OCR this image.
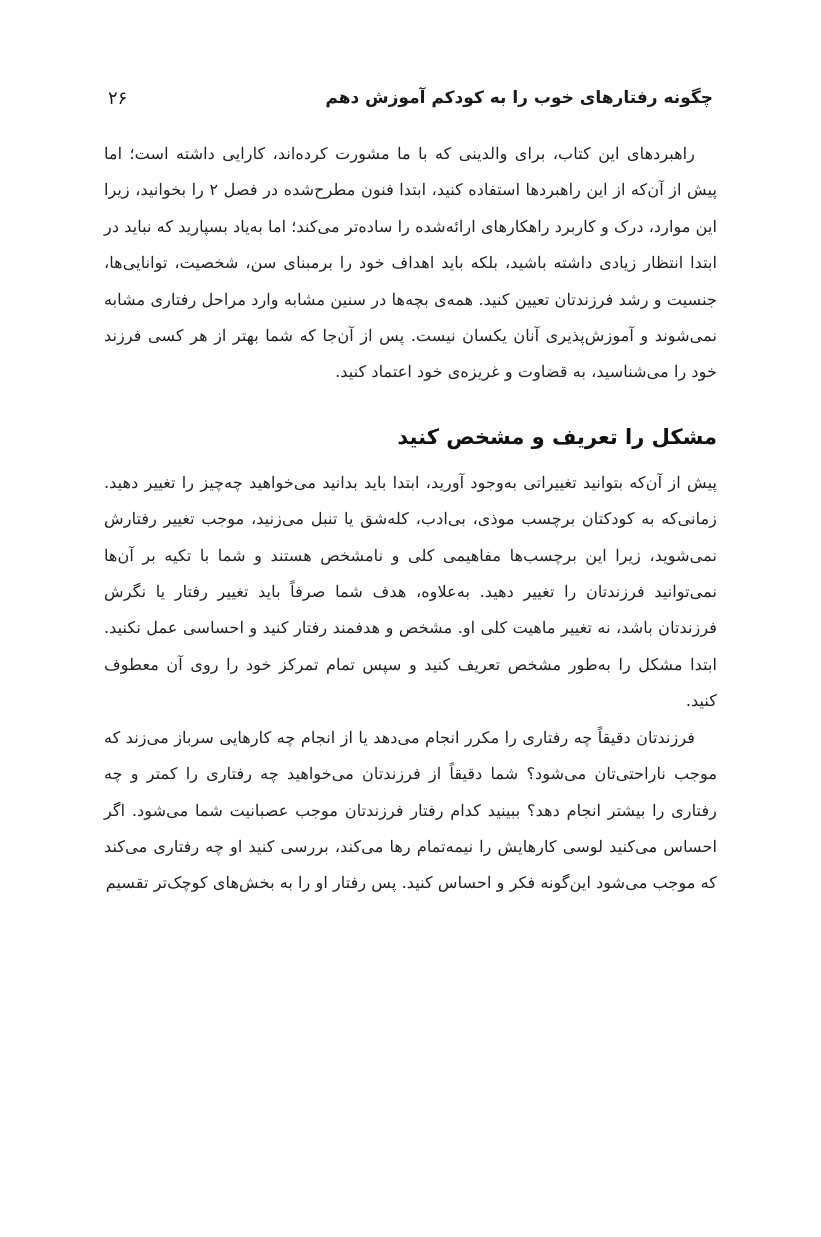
چگونه رفتارهای خوب را به کودکم آموزش دهم
۲۶

راهبردهای این کتاب، برای والدینی که با ما مشورت کرده‌اند، کارایی داشته است؛ اما پیش از آن‌که از این راهبردها استفاده کنید، ابتدا فنون مطرح‌شده در فصل ۲ را بخوانید، زیرا این موارد، درک و کاربرد راهکارهای ارائه‌شده را ساده‌تر می‌کند؛ اما به‌یاد بسپارید که نباید در ابتدا انتظار زیادی داشته باشید، بلکه باید اهداف خود را برمبنای سن، شخصیت، توانایی‌ها، جنسیت و رشد فرزندتان تعیین کنید. همه‌ی بچه‌ها در سنین مشابه وارد مراحل رفتاری مشابه نمی‌شوند و آموزش‌پذیری آنان یکسان نیست. پس از آن‌جا که شما بهتر از هر کسی فرزند خود را می‌شناسید، به قضاوت و غریزه‌ی خود اعتماد کنید.

مشکل را تعریف و مشخص کنید

پیش از آن‌که بتوانید تغییراتی به‌وجود آورید، ابتدا باید بدانید می‌خواهید چه‌چیز را تغییر دهید. زمانی‌که به کودکتان برچسب موذی، بی‌ادب، کله‌شق یا تنبل می‌زنید، موجب تغییر رفتارش نمی‌شوید، زیرا این برچسب‌ها مفاهیمی کلی و نامشخص هستند و شما با تکیه بر آن‌ها نمی‌توانید فرزندتان را تغییر دهید. به‌علاوه، هدف شما صرفاً باید تغییر رفتار یا نگرش فرزندتان باشد، نه تغییر ماهیت کلی او. مشخص و هدفمند رفتار کنید و احساسی عمل نکنید. ابتدا مشکل را به‌طور مشخص تعریف کنید و سپس تمام تمرکز خود را روی آن معطوف کنید.

فرزندتان دقیقاً چه رفتاری را مکرر انجام می‌دهد یا از انجام چه کارهایی سرباز می‌زند که موجب ناراحتی‌تان می‌شود؟ شما دقیقاً از فرزندتان می‌خواهید چه رفتاری را کمتر و چه رفتاری را بیشتر انجام دهد؟ ببینید کدام رفتار فرزندتان موجب عصبانیت شما می‌شود. اگر احساس می‌کنید لوسی کارهایش را نیمه‌تمام رها می‌کند، بررسی کنید او چه رفتاری می‌کند که موجب می‌شود این‌گونه فکر و احساس کنید. پس رفتار او را به بخش‌های کوچک‌تر تقسیم
